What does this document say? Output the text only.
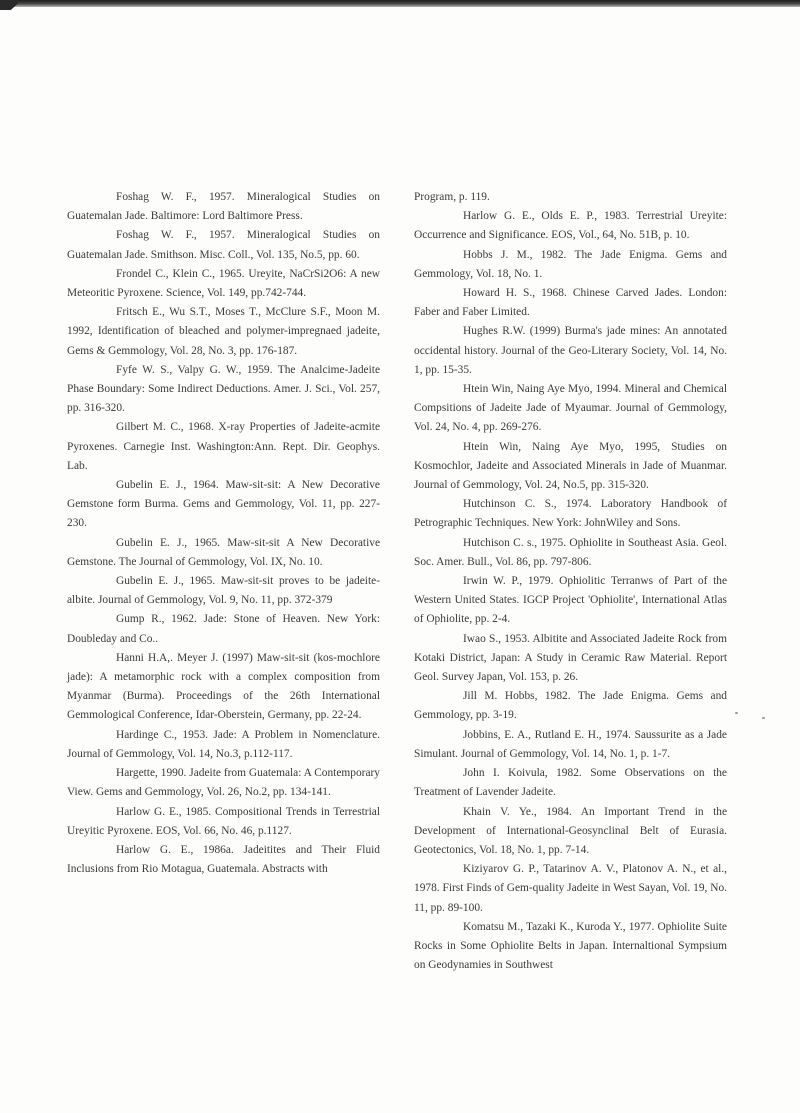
Foshag W. F., 1957. Mineralogical Studies on Guatemalan Jade. Baltimore: Lord Baltimore Press.

Foshag W. F., 1957. Mineralogical Studies on Guatemalan Jade. Smithson. Misc. Coll., Vol. 135, No.5, pp. 60.

Frondel C., Klein C., 1965. Ureyite, NaCrSi2O6: A new Meteoritic Pyroxene. Science, Vol. 149, pp.742-744.

Fritsch E., Wu S.T., Moses T., McClure S.F., Moon M. 1992, Identification of bleached and polymer-impregnaed jadeite, Gems & Gemmology, Vol. 28, No. 3, pp. 176-187.

Fyfe W. S., Valpy G. W., 1959. The Analcime-Jadeite Phase Boundary: Some Indirect Deductions. Amer. J. Sci., Vol. 257, pp. 316-320.

Gilbert M. C., 1968. X-ray Properties of Jadeite-acmite Pyroxenes. Carnegie Inst. Washington:Ann. Rept. Dir. Geophys. Lab.

Gubelin E. J., 1964. Maw-sit-sit: A New Decorative Gemstone form Burma. Gems and Gemmology, Vol. 11, pp. 227-230.

Gubelin E. J., 1965. Maw-sit-sit A New Decorative Gemstone. The Journal of Gemmology, Vol. IX, No. 10.

Gubelin E. J., 1965. Maw-sit-sit proves to be jadeite-albite. Journal of Gemmology, Vol. 9, No. 11, pp. 372-379

Gump R., 1962. Jade: Stone of Heaven. New York: Doubleday and Co..

Hanni H.A,. Meyer J. (1997) Maw-sit-sit (kos-mochlore jade): A metamorphic rock with a complex composition from Myanmar (Burma). Proceedings of the 26th International Gemmological Conference, Idar-Oberstein, Germany, pp. 22-24.

Hardinge C., 1953. Jade: A Problem in Nomenclature. Journal of Gemmology, Vol. 14, No.3, p.112-117.

Hargette, 1990. Jadeite from Guatemala: A Contemporary View. Gems and Gemmology, Vol. 26, No.2, pp. 134-141.

Harlow G. E., 1985. Compositional Trends in Terrestrial Ureyitic Pyroxene. EOS, Vol. 66, No. 46, p.1127.

Harlow G. E., 1986a. Jadeitites and Their Fluid Inclusions from Rio Motagua, Guatemala. Abstracts with

Program, p. 119.

Harlow G. E., Olds E. P., 1983. Terrestrial Ureyite: Occurrence and Significance. EOS, Vol., 64, No. 51B, p. 10.

Hobbs J. M., 1982. The Jade Enigma. Gems and Gemmology, Vol. 18, No. 1.

Howard H. S., 1968. Chinese Carved Jades. London: Faber and Faber Limited.

Hughes R.W. (1999) Burma's jade mines: An annotated occidental history. Journal of the Geo-Literary Society, Vol. 14, No. 1, pp. 15-35.

Htein Win, Naing Aye Myo, 1994. Mineral and Chemical Compsitions of Jadeite Jade of Myaumar. Journal of Gemmology, Vol. 24, No. 4, pp. 269-276.

Htein Win, Naing Aye Myo, 1995, Studies on Kosmochlor, Jadeite and Associated Minerals in Jade of Muanmar. Journal of Gemmology, Vol. 24, No.5, pp. 315-320.

Hutchinson C. S., 1974. Laboratory Handbook of Petrographic Techniques. New York: JohnWiley and Sons.

Hutchison C. s., 1975. Ophiolite in Southeast Asia. Geol. Soc. Amer. Bull., Vol. 86, pp. 797-806.

Irwin W. P., 1979. Ophiolitic Terranws of Part of the Western United States. IGCP Project 'Ophiolite', International Atlas of Ophiolite, pp. 2-4.

Iwao S., 1953. Albitite and Associated Jadeite Rock from Kotaki District, Japan: A Study in Ceramic Raw Material. Report Geol. Survey Japan, Vol. 153, p. 26.

Jill M. Hobbs, 1982. The Jade Enigma. Gems and Gemmology, pp. 3-19.

Jobbins, E. A., Rutland E. H., 1974. Saussurite as a Jade Simulant. Journal of Gemmology, Vol. 14, No. 1, p. 1-7.

John I. Koivula, 1982. Some Observations on the Treatment of Lavender Jadeite.

Khain V. Ye., 1984. An Important Trend in the Development of International-Geosynclinal Belt of Eurasia. Geotectonics, Vol. 18, No. 1, pp. 7-14.

Kiziyarov G. P., Tatarinov A. V., Platonov A. N., et al., 1978. First Finds of Gem-quality Jadeite in West Sayan, Vol. 19, No. 11, pp. 89-100.

Komatsu M., Tazaki K., Kuroda Y., 1977. Ophiolite Suite Rocks in Some Ophiolite Belts in Japan. Internaltional Sympsium on Geodynamies in Southwest
